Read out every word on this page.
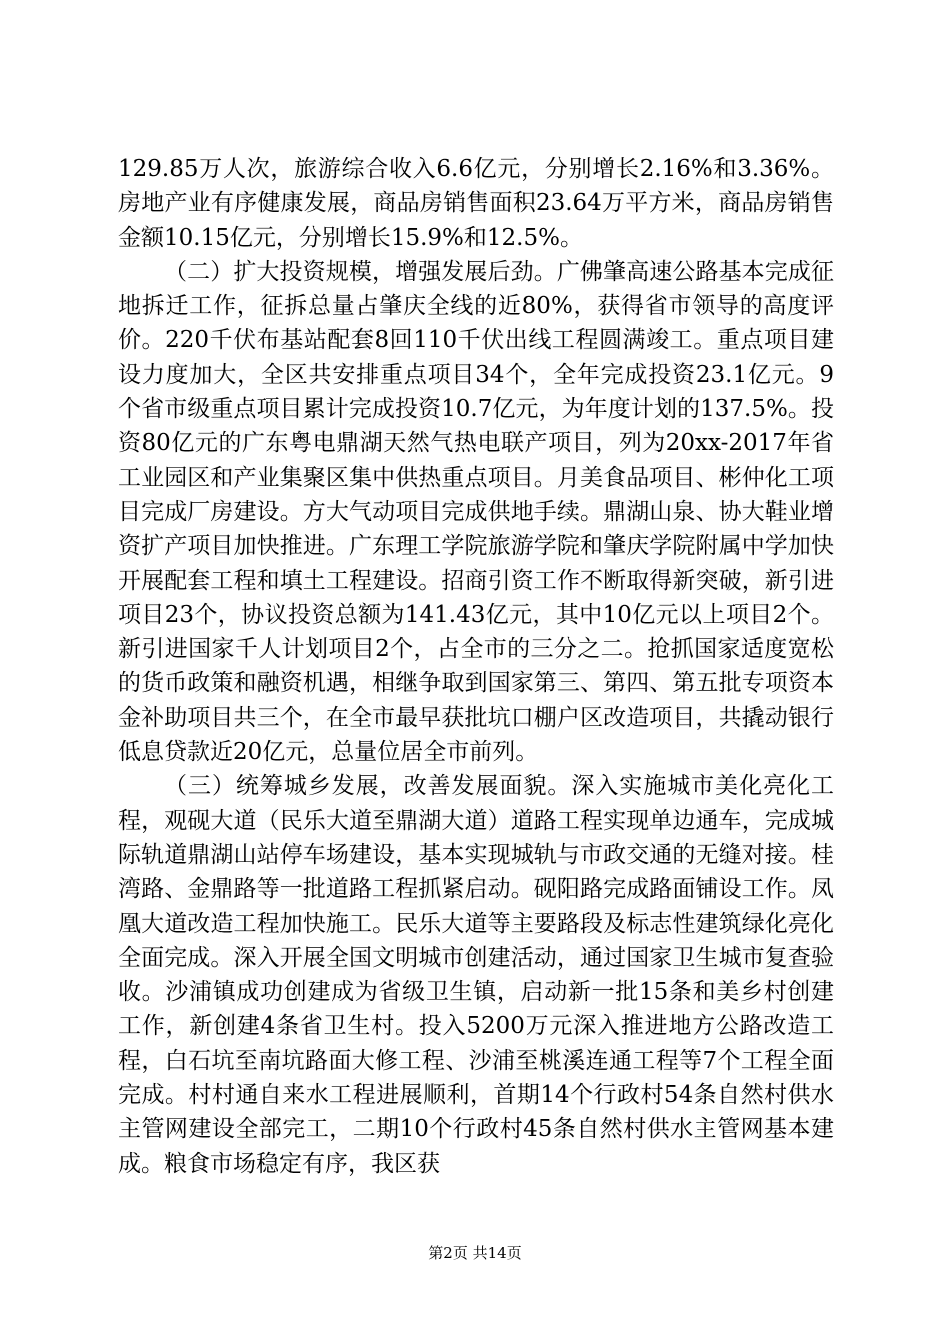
129.85万人次，旅游综合收入6.6亿元，分别增长2.16%和3.36%。房地产业有序健康发展，商品房销售面积23.64万平方米，商品房销售金额10.15亿元，分别增长15.9%和12.5%。

（二）扩大投资规模，增强发展后劲。广佛肇高速公路基本完成征地拆迁工作，征拆总量占肇庆全线的近80%，获得省市领导的高度评价。220千伏布基站配套8回110千伏出线工程圆满竣工。重点项目建设力度加大，全区共安排重点项目34个，全年完成投资23.1亿元。9个省市级重点项目累计完成投资10.7亿元，为年度计划的137.5%。投资80亿元的广东粤电鼎湖天然气热电联产项目，列为20xx-2017年省工业园区和产业集聚区集中供热重点项目。月美食品项目、彬仲化工项目完成厂房建设。方大气动项目完成供地手续。鼎湖山泉、协大鞋业增资扩产项目加快推进。广东理工学院旅游学院和肇庆学院附属中学加快开展配套工程和填土工程建设。招商引资工作不断取得新突破，新引进项目23个，协议投资总额为141.43亿元，其中10亿元以上项目2个。新引进国家千人计划项目2个，占全市的三分之二。抢抓国家适度宽松的货币政策和融资机遇，相继争取到国家第三、第四、第五批专项资本金补助项目共三个，在全市最早获批坑口棚户区改造项目，共撬动银行低息贷款近20亿元，总量位居全市前列。

（三）统筹城乡发展，改善发展面貌。深入实施城市美化亮化工程，观砚大道（民乐大道至鼎湖大道）道路工程实现单边通车，完成城际轨道鼎湖山站停车场建设，基本实现城轨与市政交通的无缝对接。桂湾路、金鼎路等一批道路工程抓紧启动。砚阳路完成路面铺设工作。凤凰大道改造工程加快施工。民乐大道等主要路段及标志性建筑绿化亮化全面完成。深入开展全国文明城市创建活动，通过国家卫生城市复查验收。沙浦镇成功创建成为省级卫生镇，启动新一批15条和美乡村创建工作，新创建4条省卫生村。投入5200万元深入推进地方公路改造工程，白石坑至南坑路面大修工程、沙浦至桃溪连通工程等7个工程全面完成。村村通自来水工程进展顺利，首期14个行政村54条自然村供水主管网建设全部完工，二期10个行政村45条自然村供水主管网基本建成。粮食市场稳定有序，我区获

第2页 共14页
